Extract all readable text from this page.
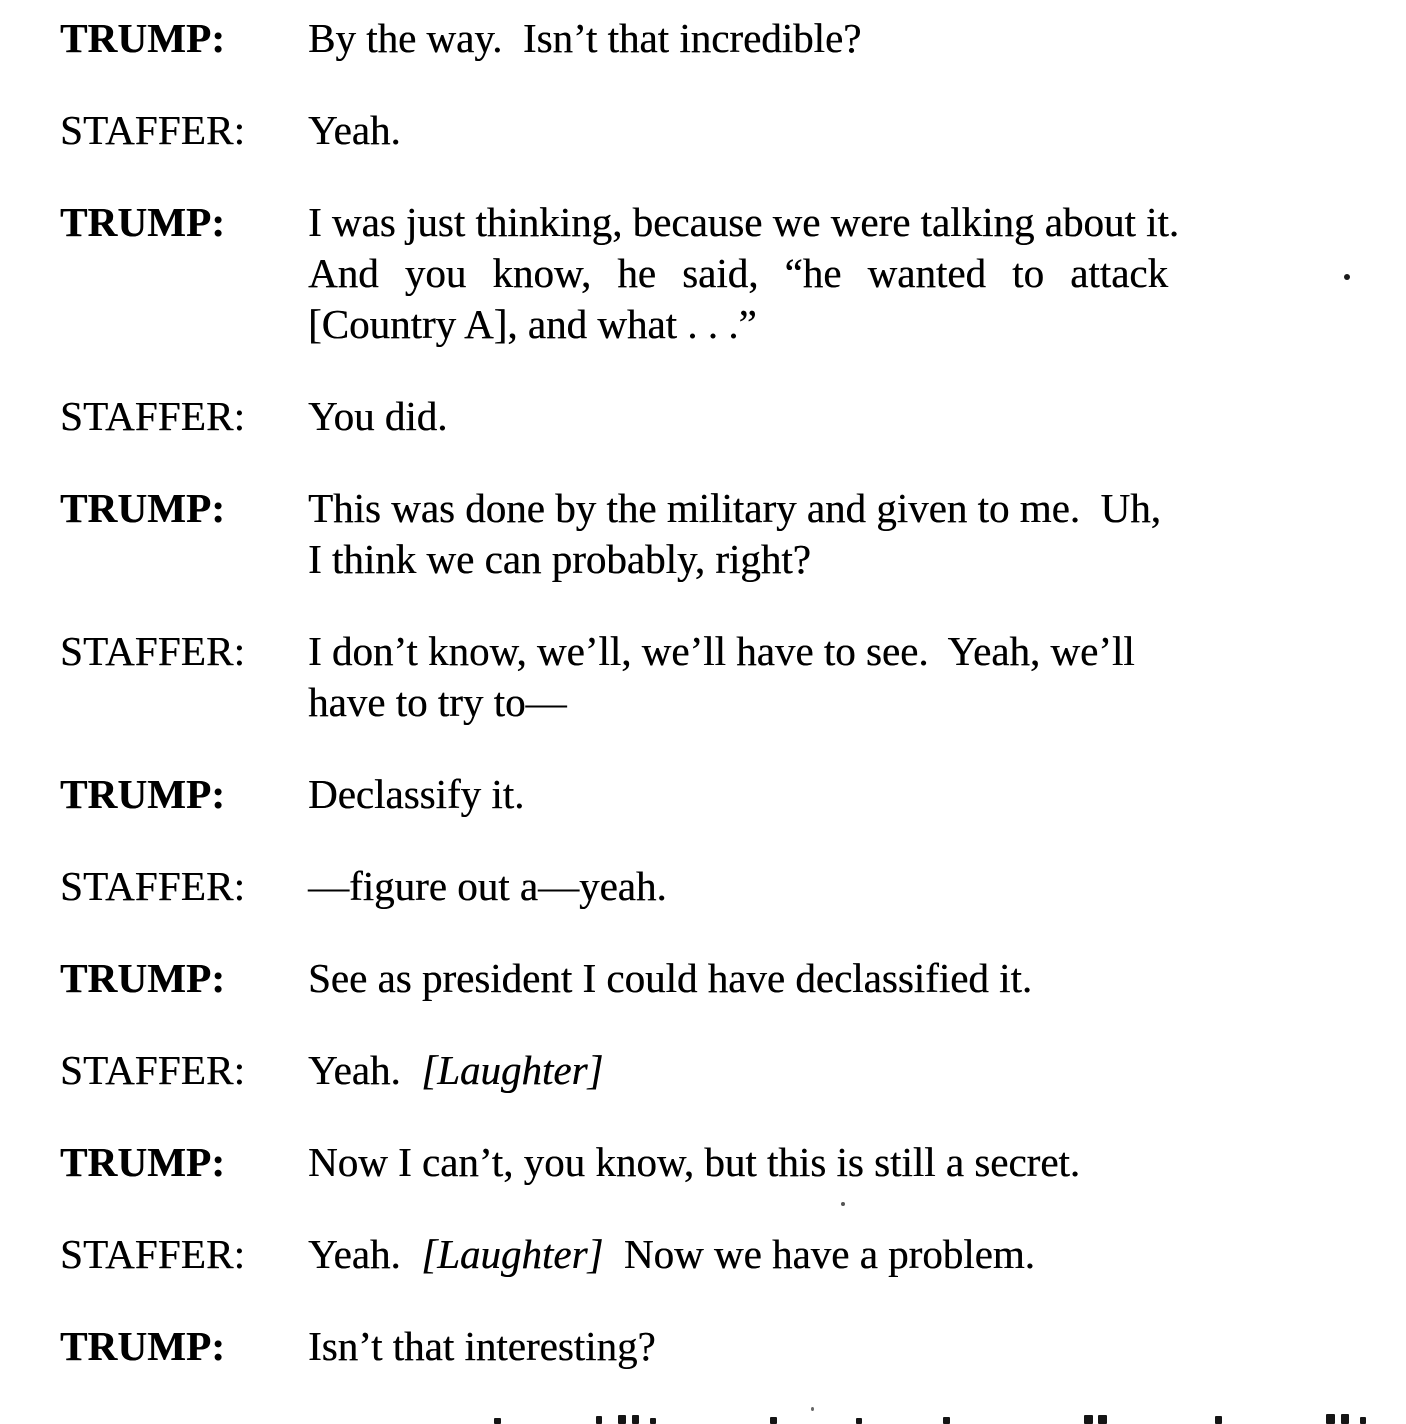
TRUMP:	By the way.  Isn’t that incredible?
STAFFER:	Yeah.
TRUMP:	I was just thinking, because we were talking about it.
And you know, he said, “he wanted to attack
[Country A], and what . . .”
STAFFER:	You did.
TRUMP:	This was done by the military and given to me.  Uh,
I think we can probably, right?
STAFFER:	I don’t know, we’ll, we’ll have to see.  Yeah, we’ll
have to try to—
TRUMP:	Declassify it.
STAFFER:	—figure out a—yeah.
TRUMP:	See as president I could have declassified it.
STAFFER:	Yeah.  [Laughter]
TRUMP:	Now I can’t, you know, but this is still a secret.
STAFFER:	Yeah.  [Laughter]  Now we have a problem.
TRUMP:	Isn’t that interesting?
